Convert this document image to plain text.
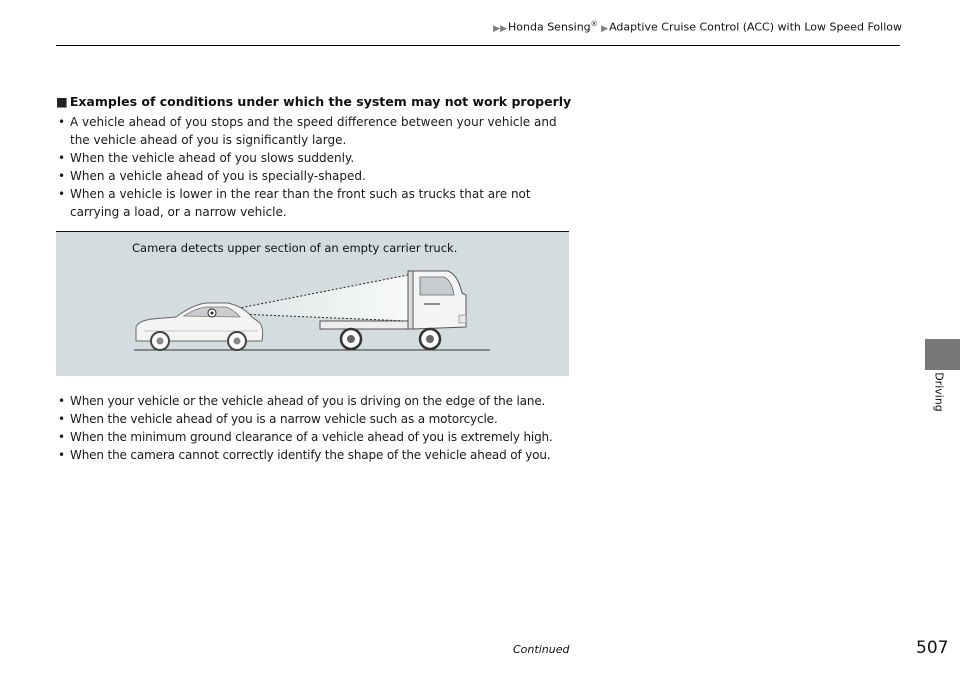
▶▶Honda Sensing® ▶Adaptive Cruise Control (ACC) with Low Speed Follow
■ Examples of conditions under which the system may not work properly
• A vehicle ahead of you stops and the speed difference between your vehicle and the vehicle ahead of you is significantly large.
• When the vehicle ahead of you slows suddenly.
• When a vehicle ahead of you is specially-shaped.
• When a vehicle is lower in the rear than the front such as trucks that are not carrying a load, or a narrow vehicle.
Camera detects upper section of an empty carrier truck.
• When your vehicle or the vehicle ahead of you is driving on the edge of the lane.
• When the vehicle ahead of you is a narrow vehicle such as a motorcycle.
• When the minimum ground clearance of a vehicle ahead of you is extremely high.
• When the camera cannot correctly identify the shape of the vehicle ahead of you.
Driving
Continued	507
